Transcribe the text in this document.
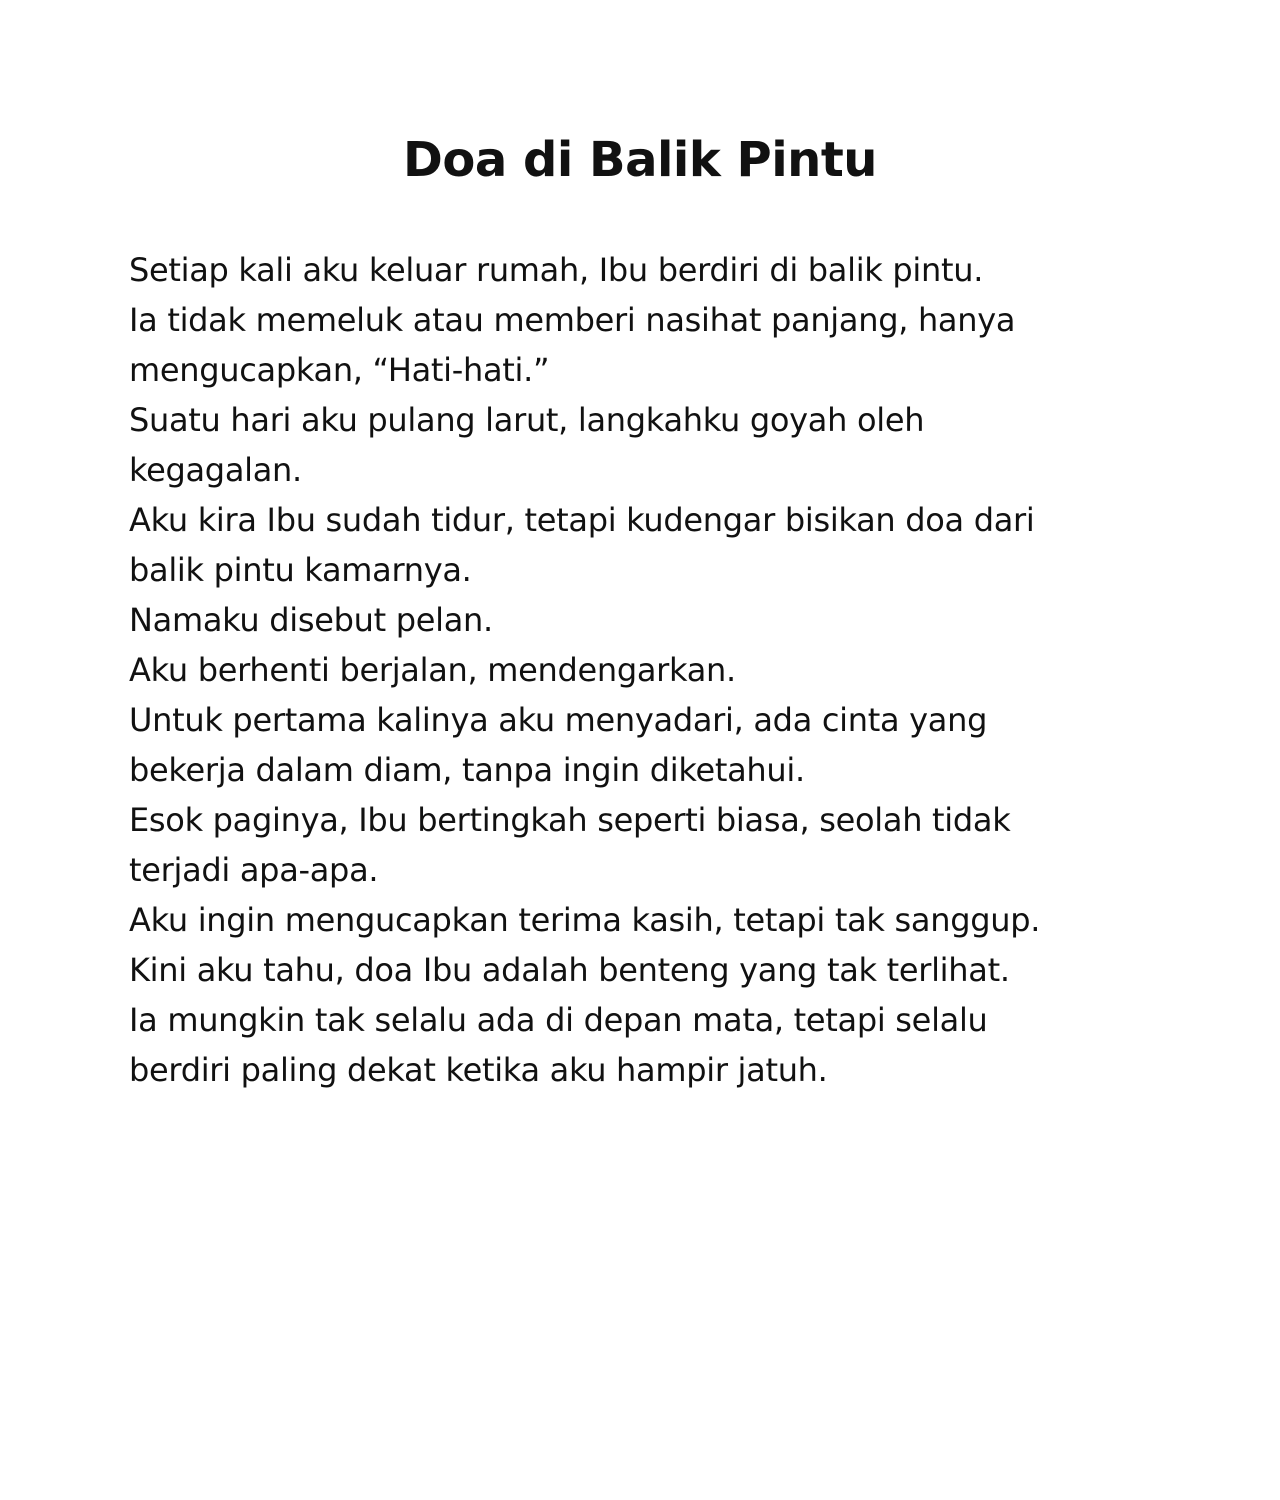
Doa di Balik Pintu
Setiap kali aku keluar rumah, Ibu berdiri di balik pintu.
Ia tidak memeluk atau memberi nasihat panjang, hanya
mengucapkan, “Hati-hati.”
Suatu hari aku pulang larut, langkahku goyah oleh
kegagalan.
Aku kira Ibu sudah tidur, tetapi kudengar bisikan doa dari
balik pintu kamarnya.
Namaku disebut pelan.
Aku berhenti berjalan, mendengarkan.
Untuk pertama kalinya aku menyadari, ada cinta yang
bekerja dalam diam, tanpa ingin diketahui.
Esok paginya, Ibu bertingkah seperti biasa, seolah tidak
terjadi apa-apa.
Aku ingin mengucapkan terima kasih, tetapi tak sanggup.
Kini aku tahu, doa Ibu adalah benteng yang tak terlihat.
Ia mungkin tak selalu ada di depan mata, tetapi selalu
berdiri paling dekat ketika aku hampir jatuh.
